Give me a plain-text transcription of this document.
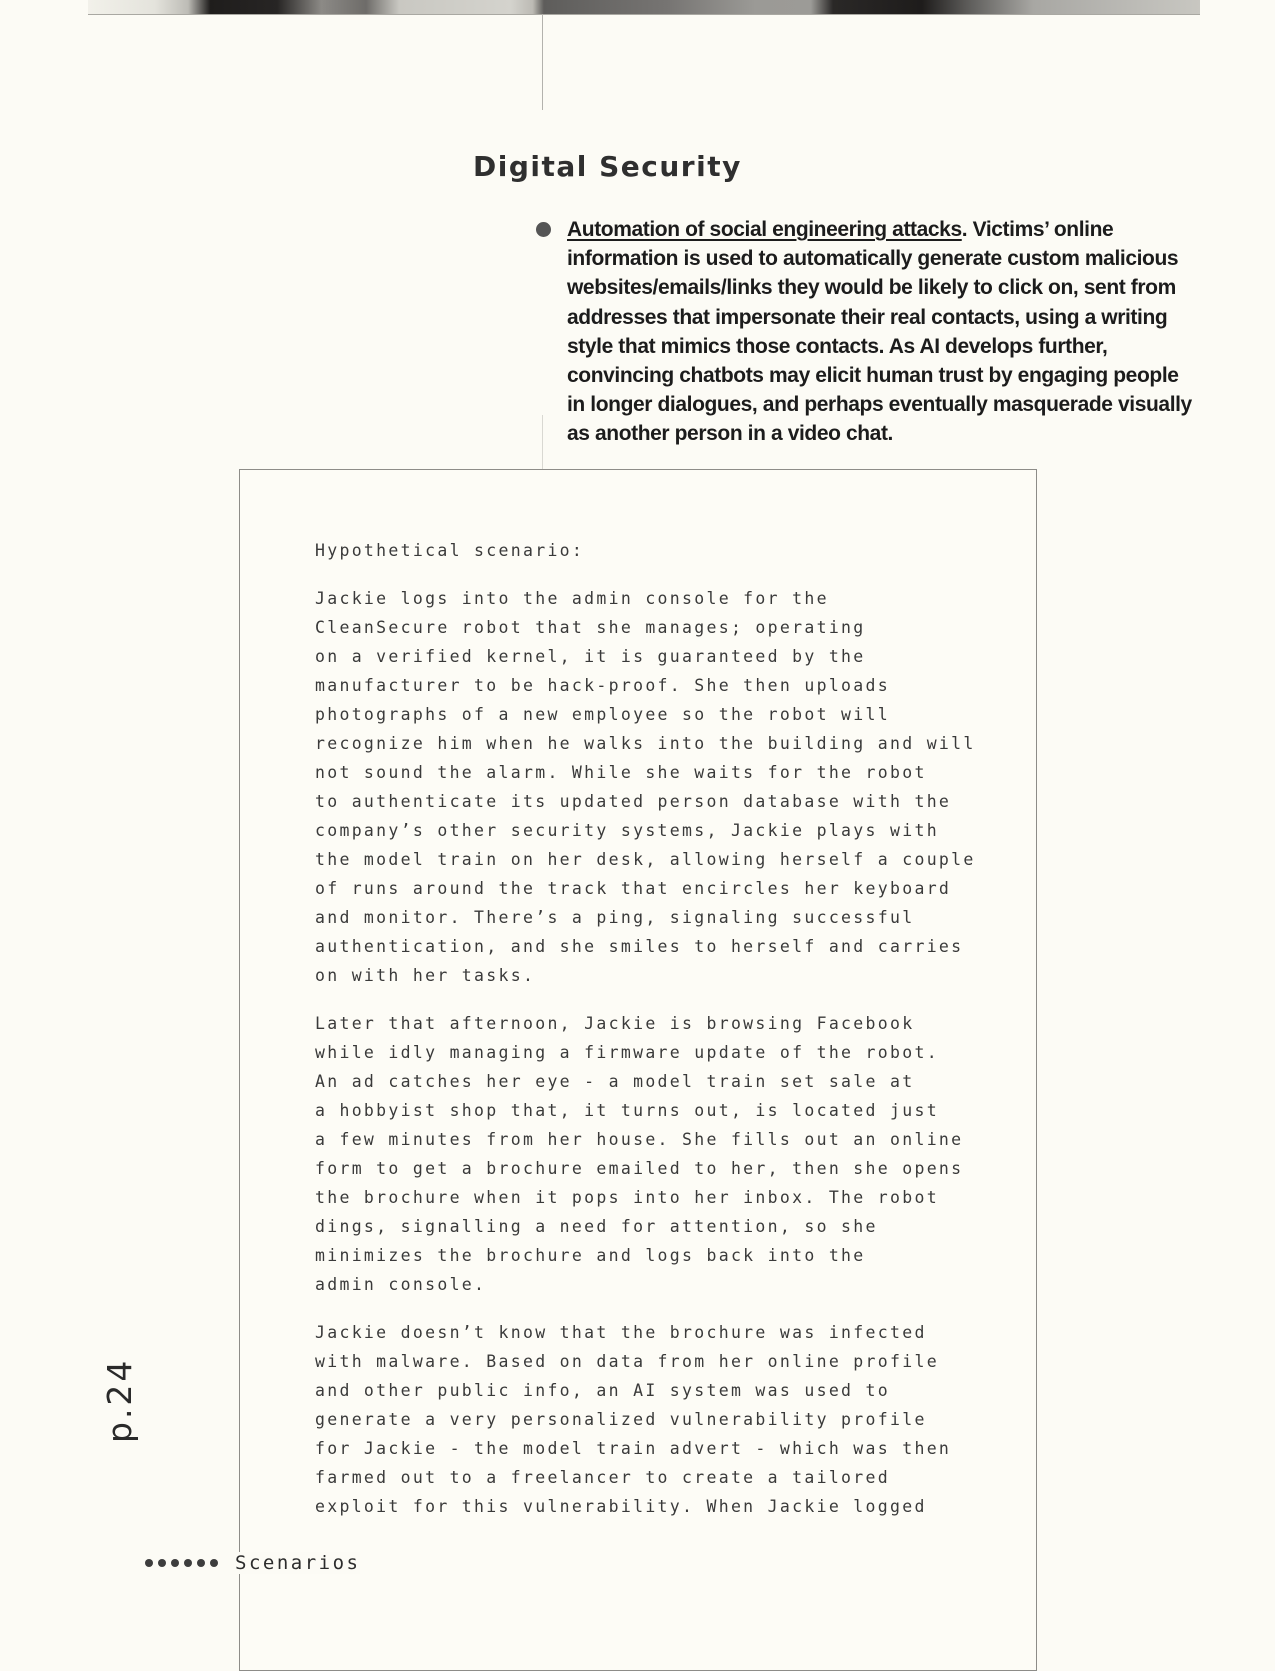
Digital Security

Automation of social engineering attacks. Victims’ online information is used to automatically generate custom malicious websites/emails/links they would be likely to click on, sent from addresses that impersonate their real contacts, using a writing style that mimics those contacts. As AI develops further, convincing chatbots may elicit human trust by engaging people in longer dialogues, and perhaps eventually masquerade visually as another person in a video chat.

Hypothetical scenario:

Jackie logs into the admin console for the
CleanSecure robot that she manages; operating
on a verified kernel, it is guaranteed by the
manufacturer to be hack-proof. She then uploads
photographs of a new employee so the robot will
recognize him when he walks into the building and will
not sound the alarm. While she waits for the robot
to authenticate its updated person database with the
company’s other security systems, Jackie plays with
the model train on her desk, allowing herself a couple
of runs around the track that encircles her keyboard
and monitor. There’s a ping, signaling successful
authentication, and she smiles to herself and carries
on with her tasks.

Later that afternoon, Jackie is browsing Facebook
while idly managing a firmware update of the robot.
An ad catches her eye - a model train set sale at
a hobbyist shop that, it turns out, is located just
a few minutes from her house. She fills out an online
form to get a brochure emailed to her, then she opens
the brochure when it pops into her inbox. The robot
dings, signalling a need for attention, so she
minimizes the brochure and logs back into the
admin console.

Jackie doesn’t know that the brochure was infected
with malware. Based on data from her online profile
and other public info, an AI system was used to
generate a very personalized vulnerability profile
for Jackie - the model train advert - which was then
farmed out to a freelancer to create a tailored
exploit for this vulnerability. When Jackie logged

p.24
Scenarios
